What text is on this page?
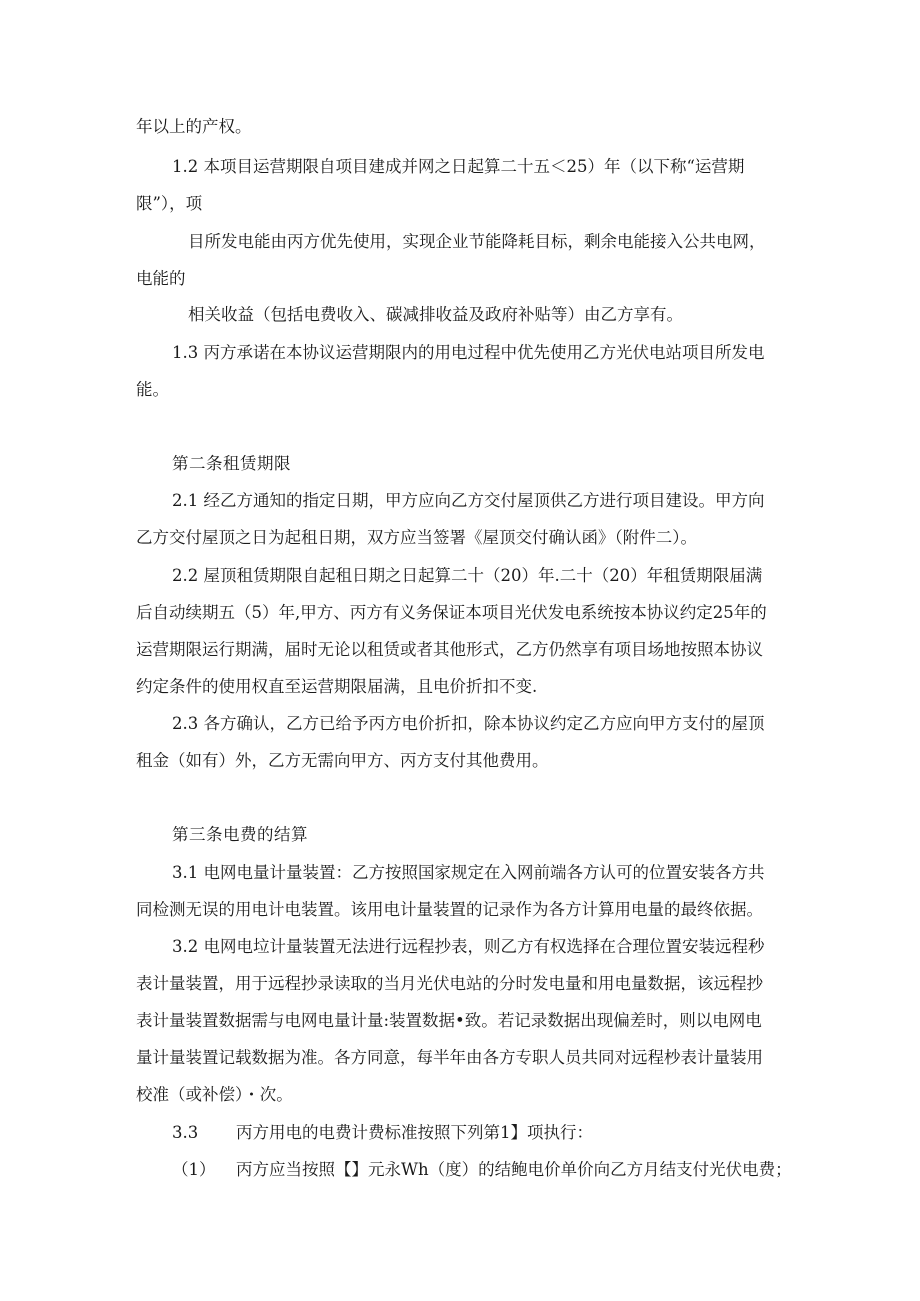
年以上的产权。
1.2 本项目运营期限自项目建成并网之日起算二十五＜25）年（以下称“运营期
限”），项
目所发电能由丙方优先使用，实现企业节能降耗目标，剩余电能接入公共电网，
电能的
相关收益（包括电费收入、碳减排收益及政府补贴等）由乙方享有。
1.3 丙方承诺在本协议运营期限内的用电过程中优先使用乙方光伏电站项目所发电
能。
第二条租赁期限
2.1 经乙方通知的指定日期，甲方应向乙方交付屋顶供乙方进行项目建设。甲方向
乙方交付屋顶之日为起租日期，双方应当签署《屋顶交付确认函》（附件二）。
2.2 屋顶租赁期限自起租日期之日起算二十（20）年.二十（20）年租赁期限届满
后自动续期五（5）年,甲方、丙方有义务保证本项目光伏发电系统按本协议约定25年的
运营期限运行期满，届时无论以租赁或者其他形式，乙方仍然享有项目场地按照本协议
约定条件的使用权直至运营期限届满，且电价折扣不变.
2.3 各方确认，乙方已给予丙方电价折扣，除本协议约定乙方应向甲方支付的屋顶
租金（如有）外，乙方无需向甲方、丙方支付其他费用。
第三条电费的结算
3.1 电网电量计量装置：乙方按照国家规定在入网前端各方认可的位置安装各方共
同检测无误的用电计电装置。该用电计量装置的记录作为各方计算用电量的最终依据。
3.2 电网电垃计量装置无法进行远程抄表，则乙方有权选择在合理位置安装远程秒
表计量装置，用于远程抄录读取的当月光伏电站的分时发电量和用电量数据，该远程抄
表计量装置数据需与电网电量计量:装置数据•致。若记录数据出现偏差时，则以电网电
量计量装置记载数据为准。各方同意，每半年由各方专职人员共同对远程杪表计量装用
校准（或补偿）・次。
3.3 丙方用电的电费计费标准按照下列第1】项执行：
（1） 丙方应当按照【】元永Wh（度）的结鲍电价单价向乙方月结支付光伏电费；
